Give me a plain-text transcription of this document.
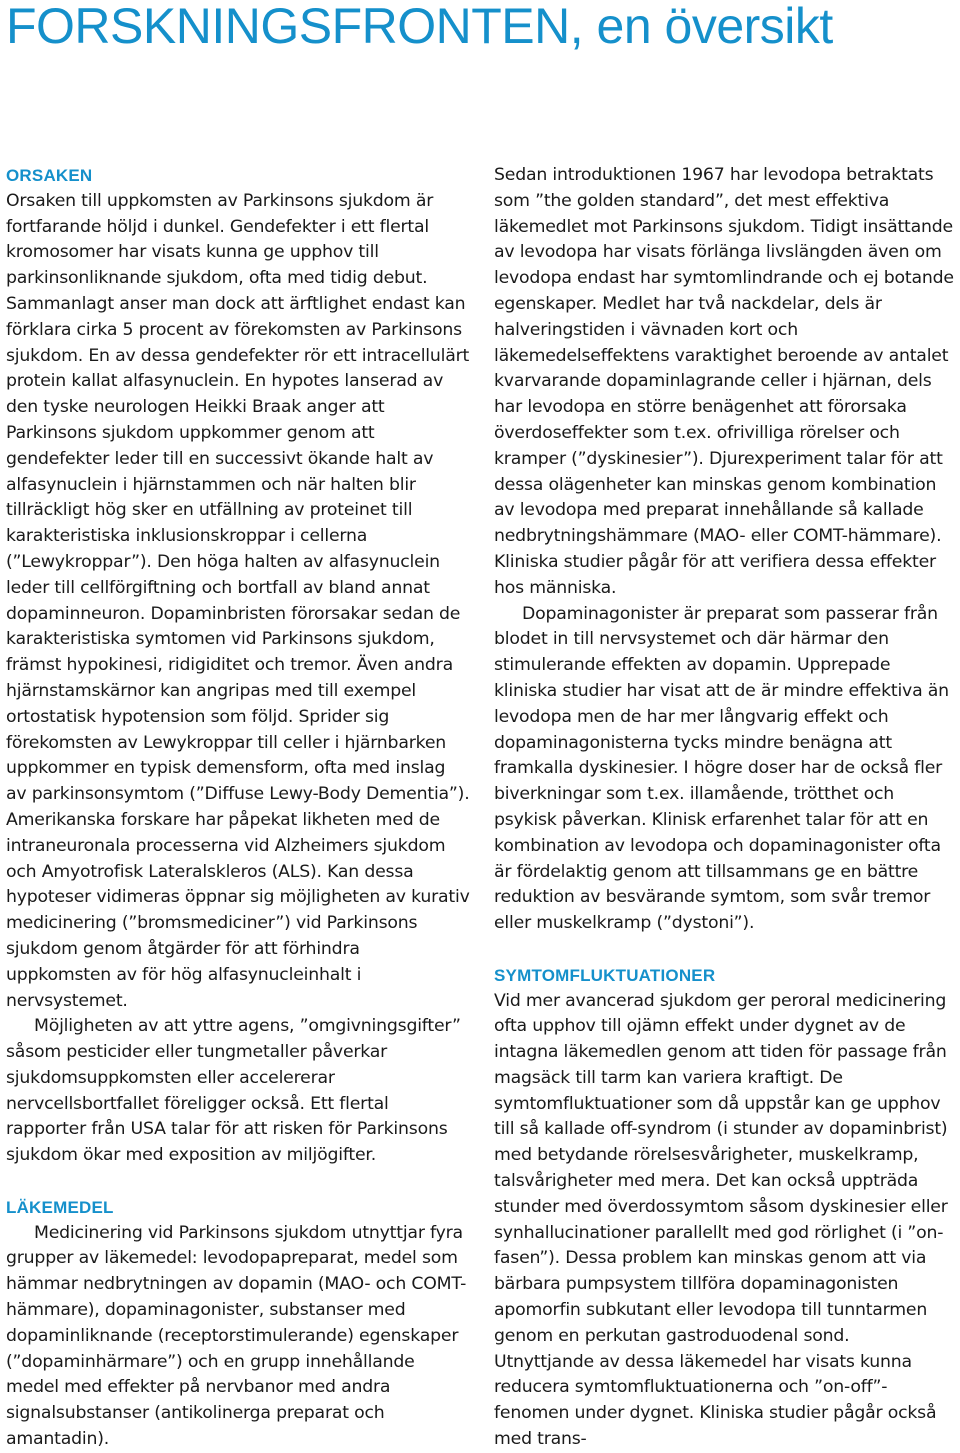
FORSKNINGSFRONTEN, en översikt
ORSAKEN

Orsaken till uppkomsten av Parkinsons sjukdom är fortfarande höljd i dunkel. Gendefekter i ett flertal kromosomer har visats kunna ge upphov till parkinsonliknande sjukdom, ofta med tidig debut. Sammanlagt anser man dock att ärftlighet endast kan förklara cirka 5 procent av förekomsten av Parkinsons sjukdom. En av dessa gendefekter rör ett intracellulärt protein kallat alfasynuclein. En hypotes lanserad av den tyske neurologen Heikki Braak anger att Parkinsons sjukdom uppkommer genom att gendefekter leder till en successivt ökande halt av alfasynuclein i hjärnstammen och när halten blir tillräckligt hög sker en utfällning av proteinet till karakteristiska inklusionskroppar i cellerna (”Lewykroppar”). Den höga halten av alfasynuclein leder till cellförgiftning och bortfall av bland annat dopaminneuron. Dopaminbristen förorsakar sedan de karakteristiska symtomen vid Parkinsons sjukdom, främst hypokinesi, ridigiditet och tremor. Även andra hjärnstamskärnor kan angripas med till exempel ortostatisk hypotension som följd. Sprider sig förekomsten av Lewykroppar till celler i hjärnbarken uppkommer en typisk demensform, ofta med inslag av parkinsonsymtom (”Diffuse Lewy-Body Dementia”). Amerikanska forskare har påpekat likheten med de intraneuronala processerna vid Alzheimers sjukdom och Amyotrofisk Lateralskleros (ALS). Kan dessa hypoteser vidimeras öppnar sig möjligheten av kurativ medicinering (”bromsmediciner”) vid Parkinsons sjukdom genom åtgärder för att förhindra uppkomsten av för hög alfasynucleinhalt i nervsystemet.

Möjligheten av att yttre agens, ”omgivningsgifter” såsom pesticider eller tungmetaller påverkar sjukdomsuppkomsten eller accelererar nervcellsbortfallet föreligger också. Ett flertal rapporter från USA talar för att risken för Parkinsons sjukdom ökar med exposition av miljögifter.

LÄKEMEDEL

Medicinering vid Parkinsons sjukdom utnyttjar fyra grupper av läkemedel: levodopapreparat, medel som hämmar nedbrytningen av dopamin (MAO- och COMT-hämmare), dopaminagonister, substanser med dopaminliknande (receptorstimulerande) egenskaper (”dopaminhärmare”) och en grupp innehållande medel med effekter på nervbanor med andra signalsubstanser (antikolinerga preparat och amantadin).

Sedan introduktionen 1967 har levodopa betraktats som ”the golden standard”, det mest effektiva läkemedlet mot Parkinsons sjukdom. Tidigt insättande av levodopa har visats förlänga livslängden även om levodopa endast har symtomlindrande och ej botande egenskaper. Medlet har två nackdelar, dels är halveringstiden i vävnaden kort och läkemedelseffektens varaktighet beroende av antalet kvarvarande dopaminlagrande celler i hjärnan, dels har levodopa en större benägenhet att förorsaka överdoseffekter som t.ex. ofrivilliga rörelser och kramper (”dyskinesier”). Djurexperiment talar för att dessa olägenheter kan minskas genom kombination av levodopa med preparat innehållande så kallade nedbrytningshämmare (MAO- eller COMT-hämmare). Kliniska studier pågår för att verifiera dessa effekter hos människa.

Dopaminagonister är preparat som passerar från blodet in till nervsystemet och där härmar den stimulerande effekten av dopamin. Upprepade kliniska studier har visat att de är mindre effektiva än levodopa men de har mer långvarig effekt och dopaminagonisterna tycks mindre benägna att framkalla dyskinesier. I högre doser har de också fler biverkningar som t.ex. illamående, trötthet och psykisk påverkan. Klinisk erfarenhet talar för att en kombination av levodopa och dopaminagonister ofta är fördelaktig genom att tillsammans ge en bättre reduktion av besvärande symtom, som svår tremor eller muskelkramp (”dystoni”).

SYMTOMFLUKTUATIONER

Vid mer avancerad sjukdom ger peroral medicinering ofta upphov till ojämn effekt under dygnet av de intagna läkemedlen genom att tiden för passage från magsäck till tarm kan variera kraftigt. De symtomfluktuationer som då uppstår kan ge upphov till så kallade off-syndrom (i stunder av dopaminbrist) med betydande rörelsesvårigheter, muskelkramp, talsvårigheter med mera. Det kan också uppträda stunder med överdossymtom såsom dyskinesier eller synhallucinationer parallellt med god rörlighet (i ”on-fasen”). Dessa problem kan minskas genom att via bärbara pumpsystem tillföra dopaminagonisten apomorfin subkutant eller levodopa till tunntarmen genom en perkutan gastroduodenal sond. Utnyttjande av dessa läkemedel har visats kunna reducera symtomfluktuationerna och ”on-off”-fenomen under dygnet. Kliniska studier pågår också med trans-
